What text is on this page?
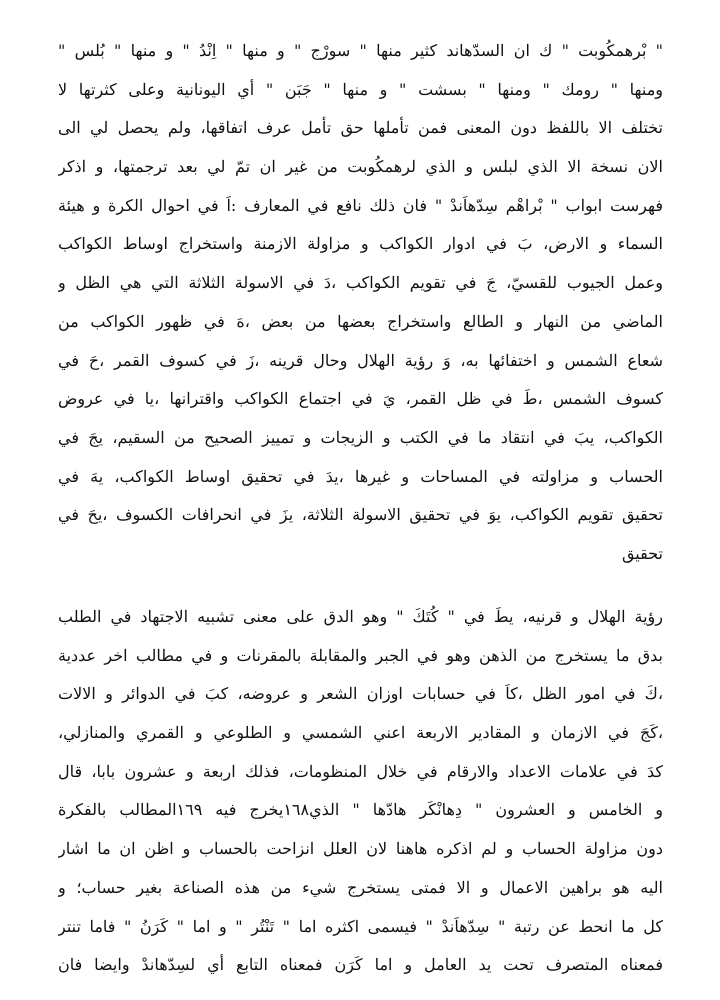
" بْرهمكُوبت " ك ان السدّهاند كثير منها " سورْج " و منها " اِنْدُ " و منها " بُلس "
ومنها " رومك " ومنها " بسشت " و منها " جَبَن " أي اليونانية وعلى كثرتها لا
تختلف الا باللفظ دون المعنى فمن تأملها حق تأمل عرف اتفاقها، ولم يحصل لي الى
الان نسخة الا الذي لبلس و الذي لرهمكُوبت من غير ان تمّ لي بعد ترجمتها، و اذكر
فهرست ابواب " بْراهْم سِدّهاَندْ " فان ذلك نافع في المعارف :اَ في احوال الكرة و هيئة
السماء و الارض، بَ في ادوار الكواكب و مزاولة الازمنة واستخراج اوساط الكواكب
وعمل الجيوب للقسيّ، جَ في تقويم الكواكب ،دَ في الاسولة الثلاثة التي هي الظل و
الماضي من النهار و الطالع واستخراج بعضها من بعض ،هَ في ظهور الكواكب من
شعاع الشمس و اختفائها به، وَ رؤية الهلال وحال قرينه ،زَ في كسوف القمر ،حَ في
كسوف الشمس ،طَ في ظل القمر، يَ في اجتماع الكواكب واقترانها ،يا في عروض
الكواكب، يبَ في انتقاد ما في الكتب و الزيجات و تمييز الصحيح من السقيم، يجَ في
الحساب و مزاولته في المساحات و غيرها ،يدَ في تحقيق اوساط الكواكب، يهَ في
تحقيق تقويم الكواكب، يوَ في تحقيق الاسولة الثلاثة، يزَ في انحرافات الكسوف ،يحَ في
تحقيق
رؤية الهلال و قرنيه، يطَ في " كُتَكَ " وهو الدق على معنى تشبيه الاجتهاد في الطلب
بدق ما يستخرج من الذهن وهو في الجبر والمقابلة بالمقرنات و في مطالب اخر عددية
،كَ في امور الظل ،كاَ في حسابات اوزان الشعر و عروضه، كبَ في الدوائر و الالات
،كَجَ في الازمان و المقادير الاربعة اعني الشمسي و الطلوعي و القمري والمنازلي،
كدَ في علامات الاعداد والارقام في خلال المنظومات، فذلك اربعة و عشرون بابا، قال
و الخامس و العشرون " دِهانْكَر هادّها " الذي١٦٨يخرج فيه ١٦٩المطالب بالفكرة
دون مزاولة الحساب و لم اذكره هاهنا لان العلل انزاحت بالحساب و اظن ان ما اشار
اليه هو براهين الاعمال و الا فمتى يستخرج شيء من هذه الصناعة بغير حساب؛ و
كل ما انحط عن رتبة " سِدّهاَندْ " فيسمى اكثره اما " تَنْتُر " و اما " كَرَنُ " فاما تنتر
فمعناه المتصرف تحت يد العامل و اما كَرَن فمعناه التابع أي لسِدّهاندْ وايضا فان
